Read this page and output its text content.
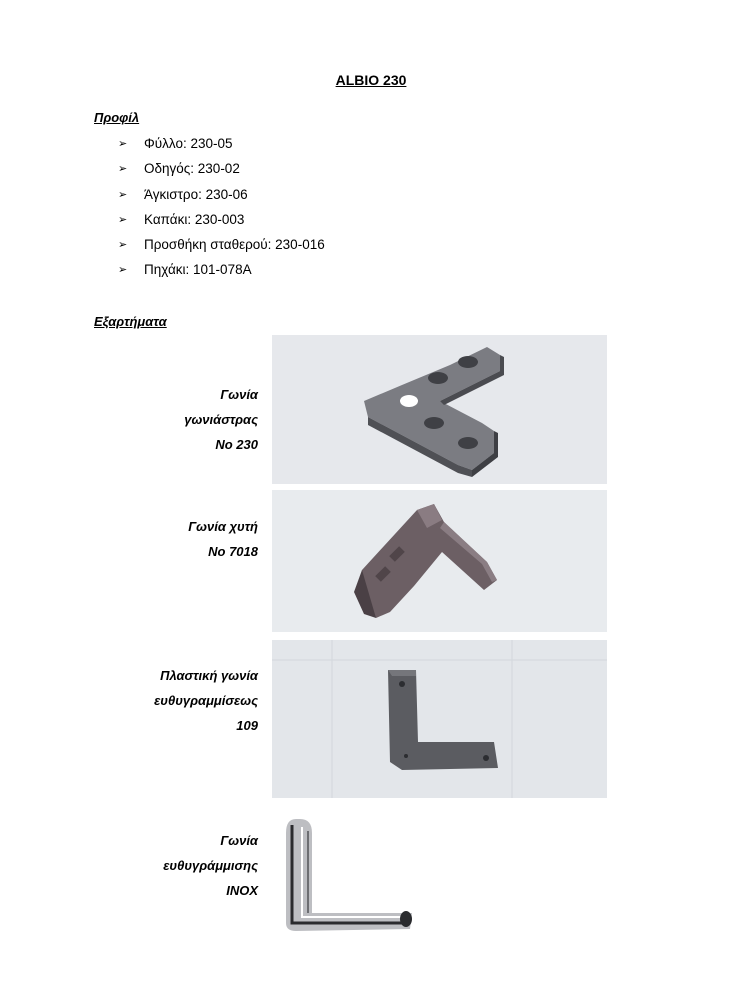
ALBIO 230
Προφίλ
➢	Φύλλο: 230-05
➢	Οδηγός: 230-02
➢	Άγκιστρο: 230-06
➢	Καπάκι: 230-003
➢	Προσθήκη σταθερού: 230-016
➢	Πηχάκι: 101-078Α
Εξαρτήματα
Γωνία
γωνιάστρας
Νο 230
Γωνία χυτή
Νο 7018
Πλαστική γωνία
ευθυγραμμίσεως
109
Γωνία
ευθυγράμμισης
INOX
